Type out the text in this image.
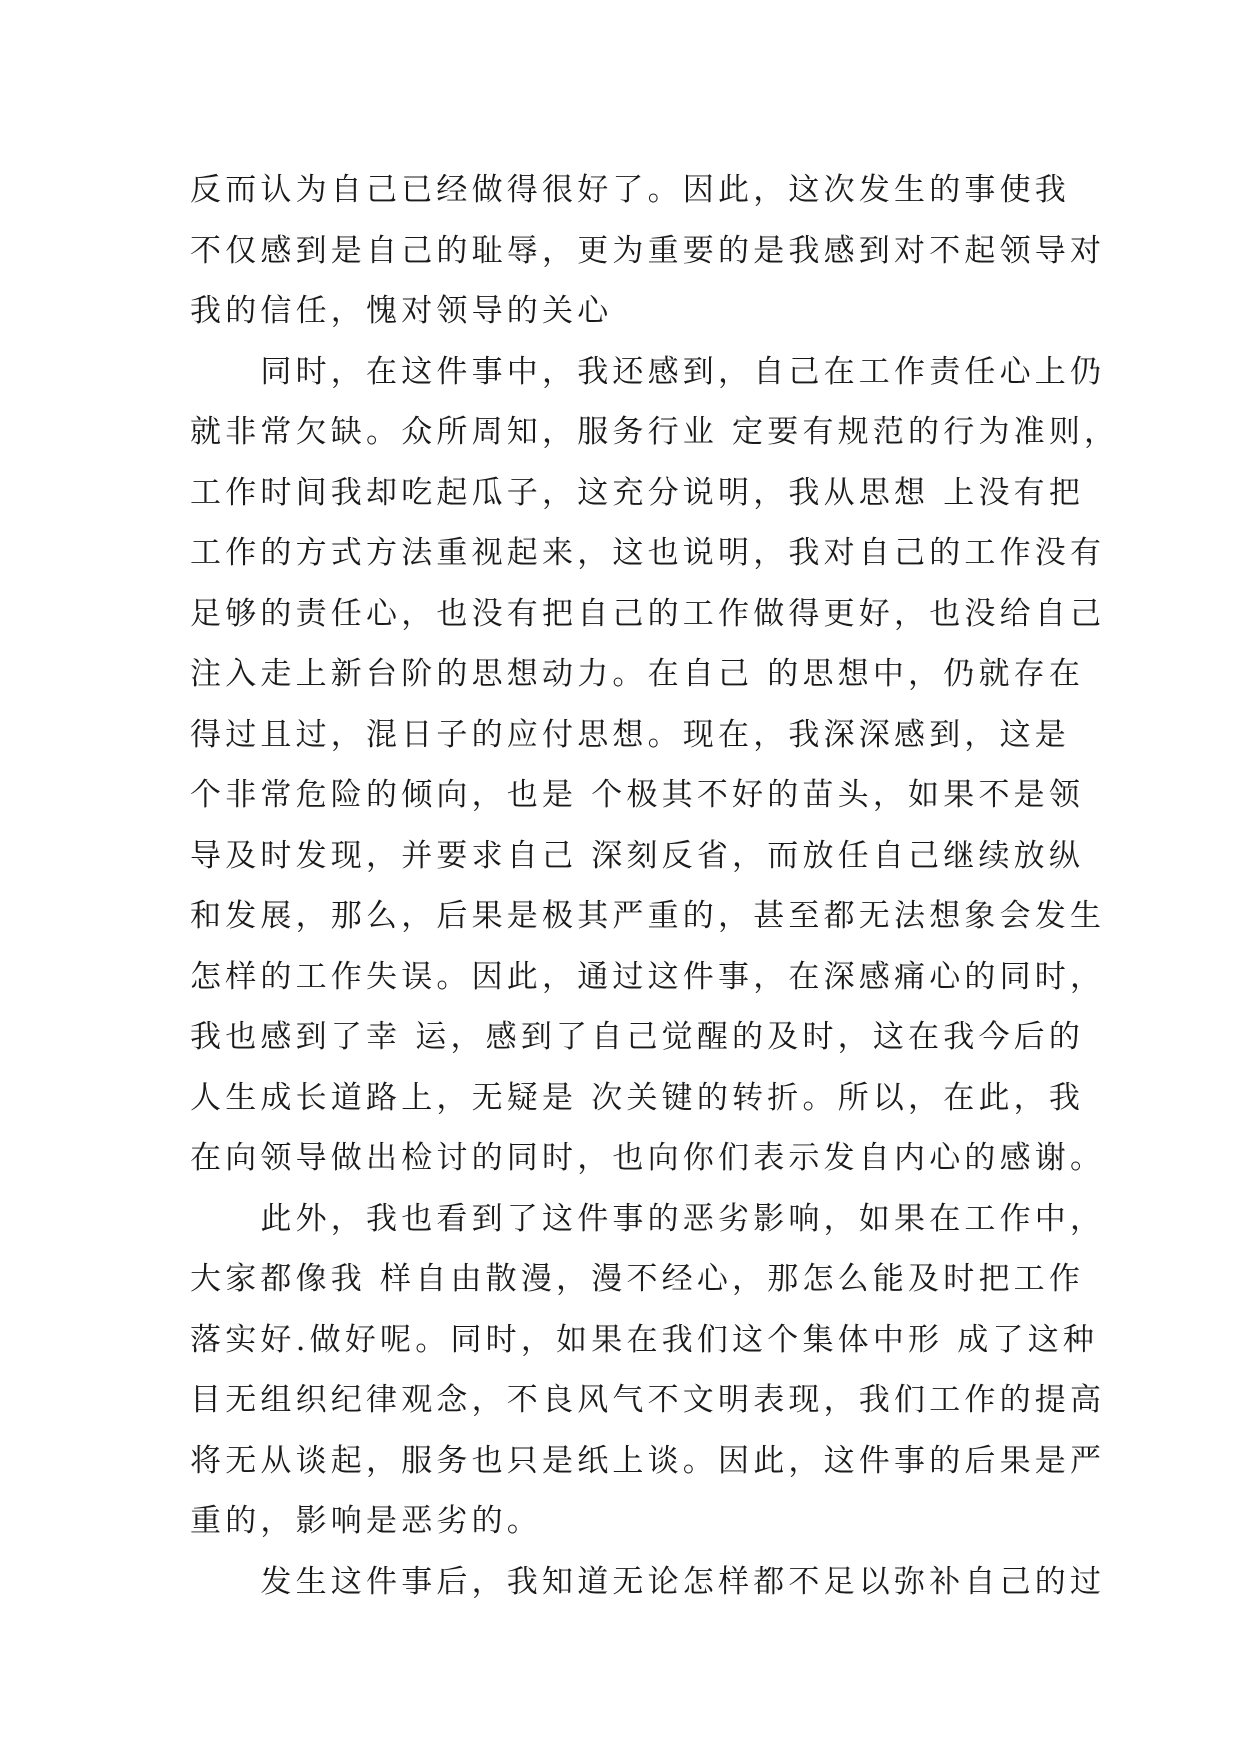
反而认为自己已经做得很好了。因此，这次发生的事使我
不仅感到是自己的耻辱，更为重要的是我感到对不起领导对
我的信任，愧对领导的关心
　　同时，在这件事中，我还感到，自己在工作责任心上仍
就非常欠缺。众所周知，服务行业 定要有规范的行为准则，
工作时间我却吃起瓜子，这充分说明，我从思想 上没有把
工作的方式方法重视起来，这也说明，我对自己的工作没有
足够的责任心，也没有把自己的工作做得更好，也没给自己
注入走上新台阶的思想动力。在自己 的思想中，仍就存在
得过且过，混日子的应付思想。现在，我深深感到，这是
个非常危险的倾向，也是 个极其不好的苗头，如果不是领
导及时发现，并要求自己 深刻反省，而放任自己继续放纵
和发展，那么，后果是极其严重的，甚至都无法想象会发生
怎样的工作失误。因此，通过这件事，在深感痛心的同时，
我也感到了幸 运，感到了自己觉醒的及时，这在我今后的
人生成长道路上，无疑是 次关键的转折。所以，在此，我
在向领导做出检讨的同时，也向你们表示发自内心的感谢。
　　此外，我也看到了这件事的恶劣影响，如果在工作中，
大家都像我 样自由散漫，漫不经心，那怎么能及时把工作
落实好.做好呢。同时，如果在我们这个集体中形 成了这种
目无组织纪律观念，不良风气不文明表现，我们工作的提高
将无从谈起，服务也只是纸上谈。因此，这件事的后果是严
重的，影响是恶劣的。
　　发生这件事后，我知道无论怎样都不足以弥补自己的过
